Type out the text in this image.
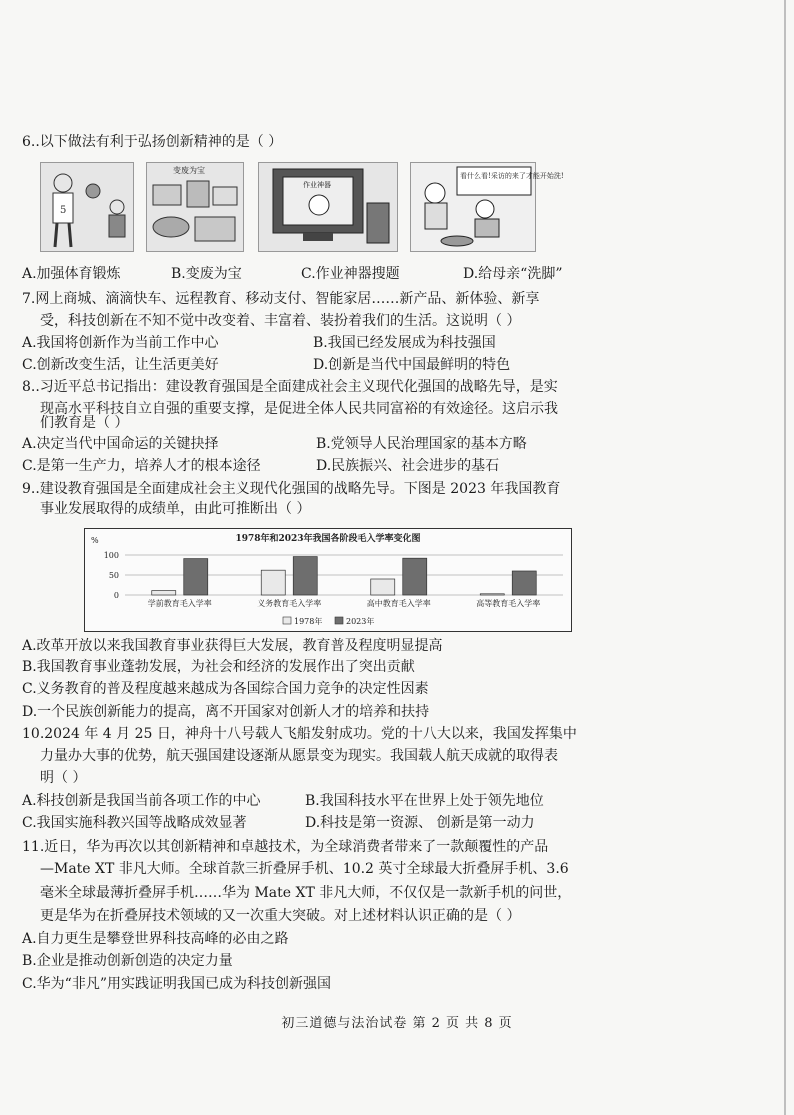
6..以下做法有利于弘扬创新精神的是（ ）
5
变废为宝
作业神器
看什么看!采访的来了才能开始洗!
A.加强体育锻炼	B.变废为宝	C.作业神器搜题	D.给母亲“洗脚”
7.网上商城、滴滴快车、远程教育、移动支付、智能家居……新产品、新体验、新享
受，科技创新在不知不觉中改变着、丰富着、装扮着我们的生活。这说明（ ）
A.我国将创新作为当前工作中心	B.我国已经发展成为科技强国
C.创新改变生活，让生活更美好	D.创新是当代中国最鲜明的特色
8..习近平总书记指出：建设教育强国是全面建成社会主义现代化强国的战略先导，是实
现高水平科技自立自强的重要支撑，是促进全体人民共同富裕的有效途径。这启示我
们教育是（ ）
A.决定当代中国命运的关键抉择	B.党领导人民治理国家的基本方略
C.是第一生产力，培养人才的根本途径	D.民族振兴、社会进步的基石
9..建设教育强国是全面建成社会主义现代化强国的战略先导。下图是 2023 年我国教育
事业发展取得的成绩单，由此可推断出（ ）
1978年和2023年我国各阶段毛入学率变化图
%
100
50
0
学前教育毛入学率	义务教育毛入学率	高中教育毛入学率	高等教育毛入学率
1978年	2023年
A.改革开放以来我国教育事业获得巨大发展，教育普及程度明显提高
B.我国教育事业蓬勃发展，为社会和经济的发展作出了突出贡献
C.义务教育的普及程度越来越成为各国综合国力竞争的决定性因素
D.一个民族创新能力的提高，离不开国家对创新人才的培养和扶持
10.2024 年 4 月 25 日，神舟十八号载人飞船发射成功。党的十八大以来，我国发挥集中
力量办大事的优势，航天强国建设逐渐从愿景变为现实。我国载人航天成就的取得表
明（ ）
A.科技创新是我国当前各项工作的中心	B.我国科技水平在世界上处于领先地位
C.我国实施科教兴国等战略成效显著	D.科技是第一资源、 创新是第一动力
11.近日，华为再次以其创新精神和卓越技术，为全球消费者带来了一款颠覆性的产品
—Mate XT 非凡大师。全球首款三折叠屏手机、10.2 英寸全球最大折叠屏手机、3.6
毫米全球最薄折叠屏手机……华为 Mate XT 非凡大师，不仅仅是一款新手机的问世，
更是华为在折叠屏技术领域的又一次重大突破。对上述材料认识正确的是（ ）
A.自力更生是攀登世界科技高峰的必由之路
B.企业是推动创新创造的决定力量
C.华为“非凡”用实践证明我国已成为科技创新强国
初三道德与法治试卷 第 2 页 共 8 页
